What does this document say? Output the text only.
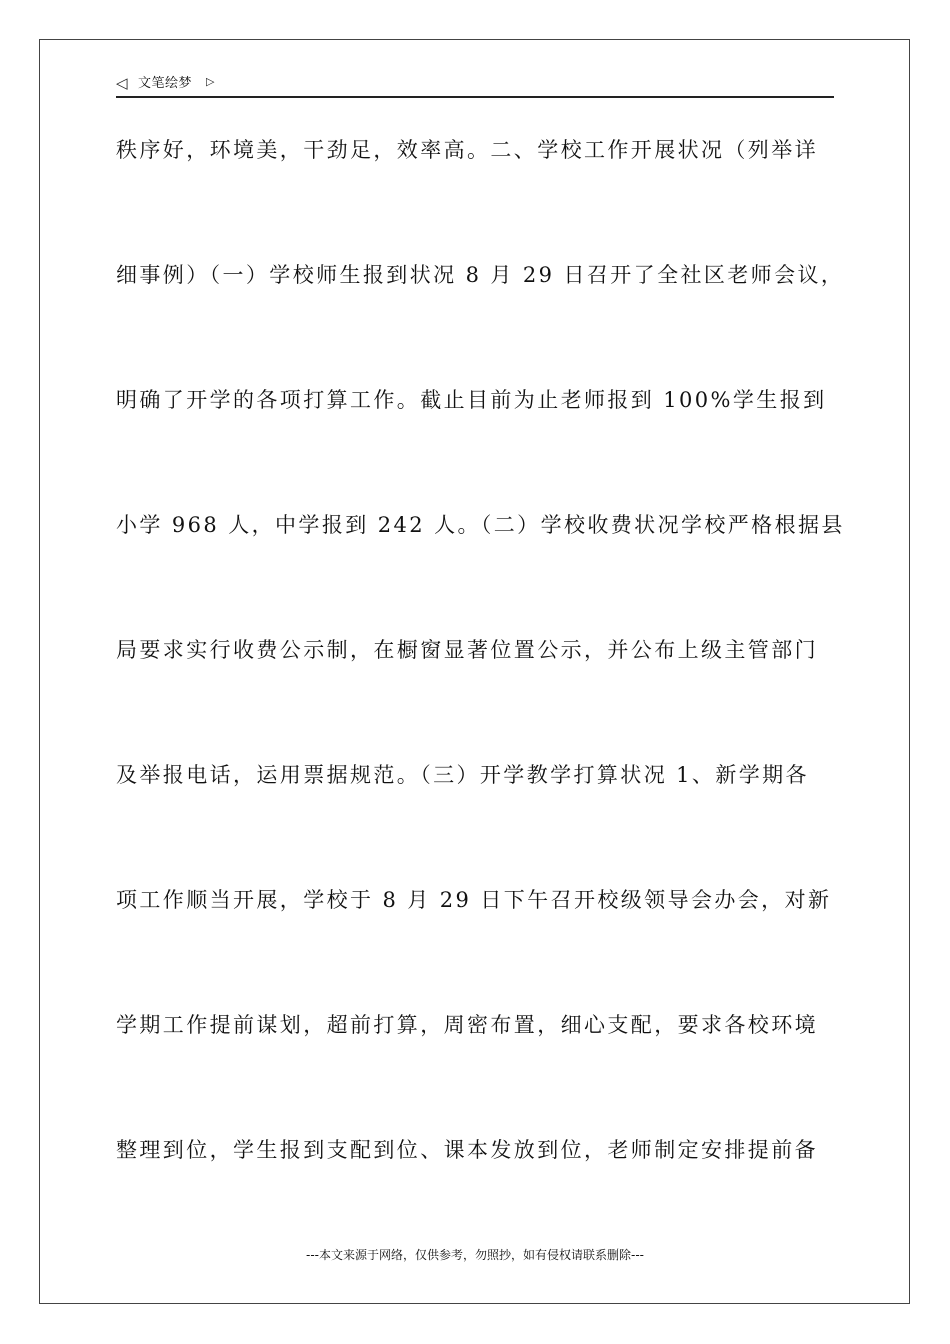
◁ 文笔绘梦 ▷
秩序好，环境美，干劲足，效率高。二、学校工作开展状况（列举详
细事例）（一）学校师生报到状况 8 月 29 日召开了全社区老师会议，
明确了开学的各项打算工作。截止目前为止老师报到 100%学生报到
小学 968 人，中学报到 242 人。（二）学校收费状况学校严格根据县
局要求实行收费公示制，在橱窗显著位置公示，并公布上级主管部门
及举报电话，运用票据规范。（三）开学教学打算状况 1、新学期各
项工作顺当开展，学校于 8 月 29 日下午召开校级领导会办会，对新
学期工作提前谋划，超前打算，周密布置，细心支配，要求各校环境
整理到位，学生报到支配到位、课本发放到位，老师制定安排提前备
---本文来源于网络，仅供参考，勿照抄，如有侵权请联系删除---
